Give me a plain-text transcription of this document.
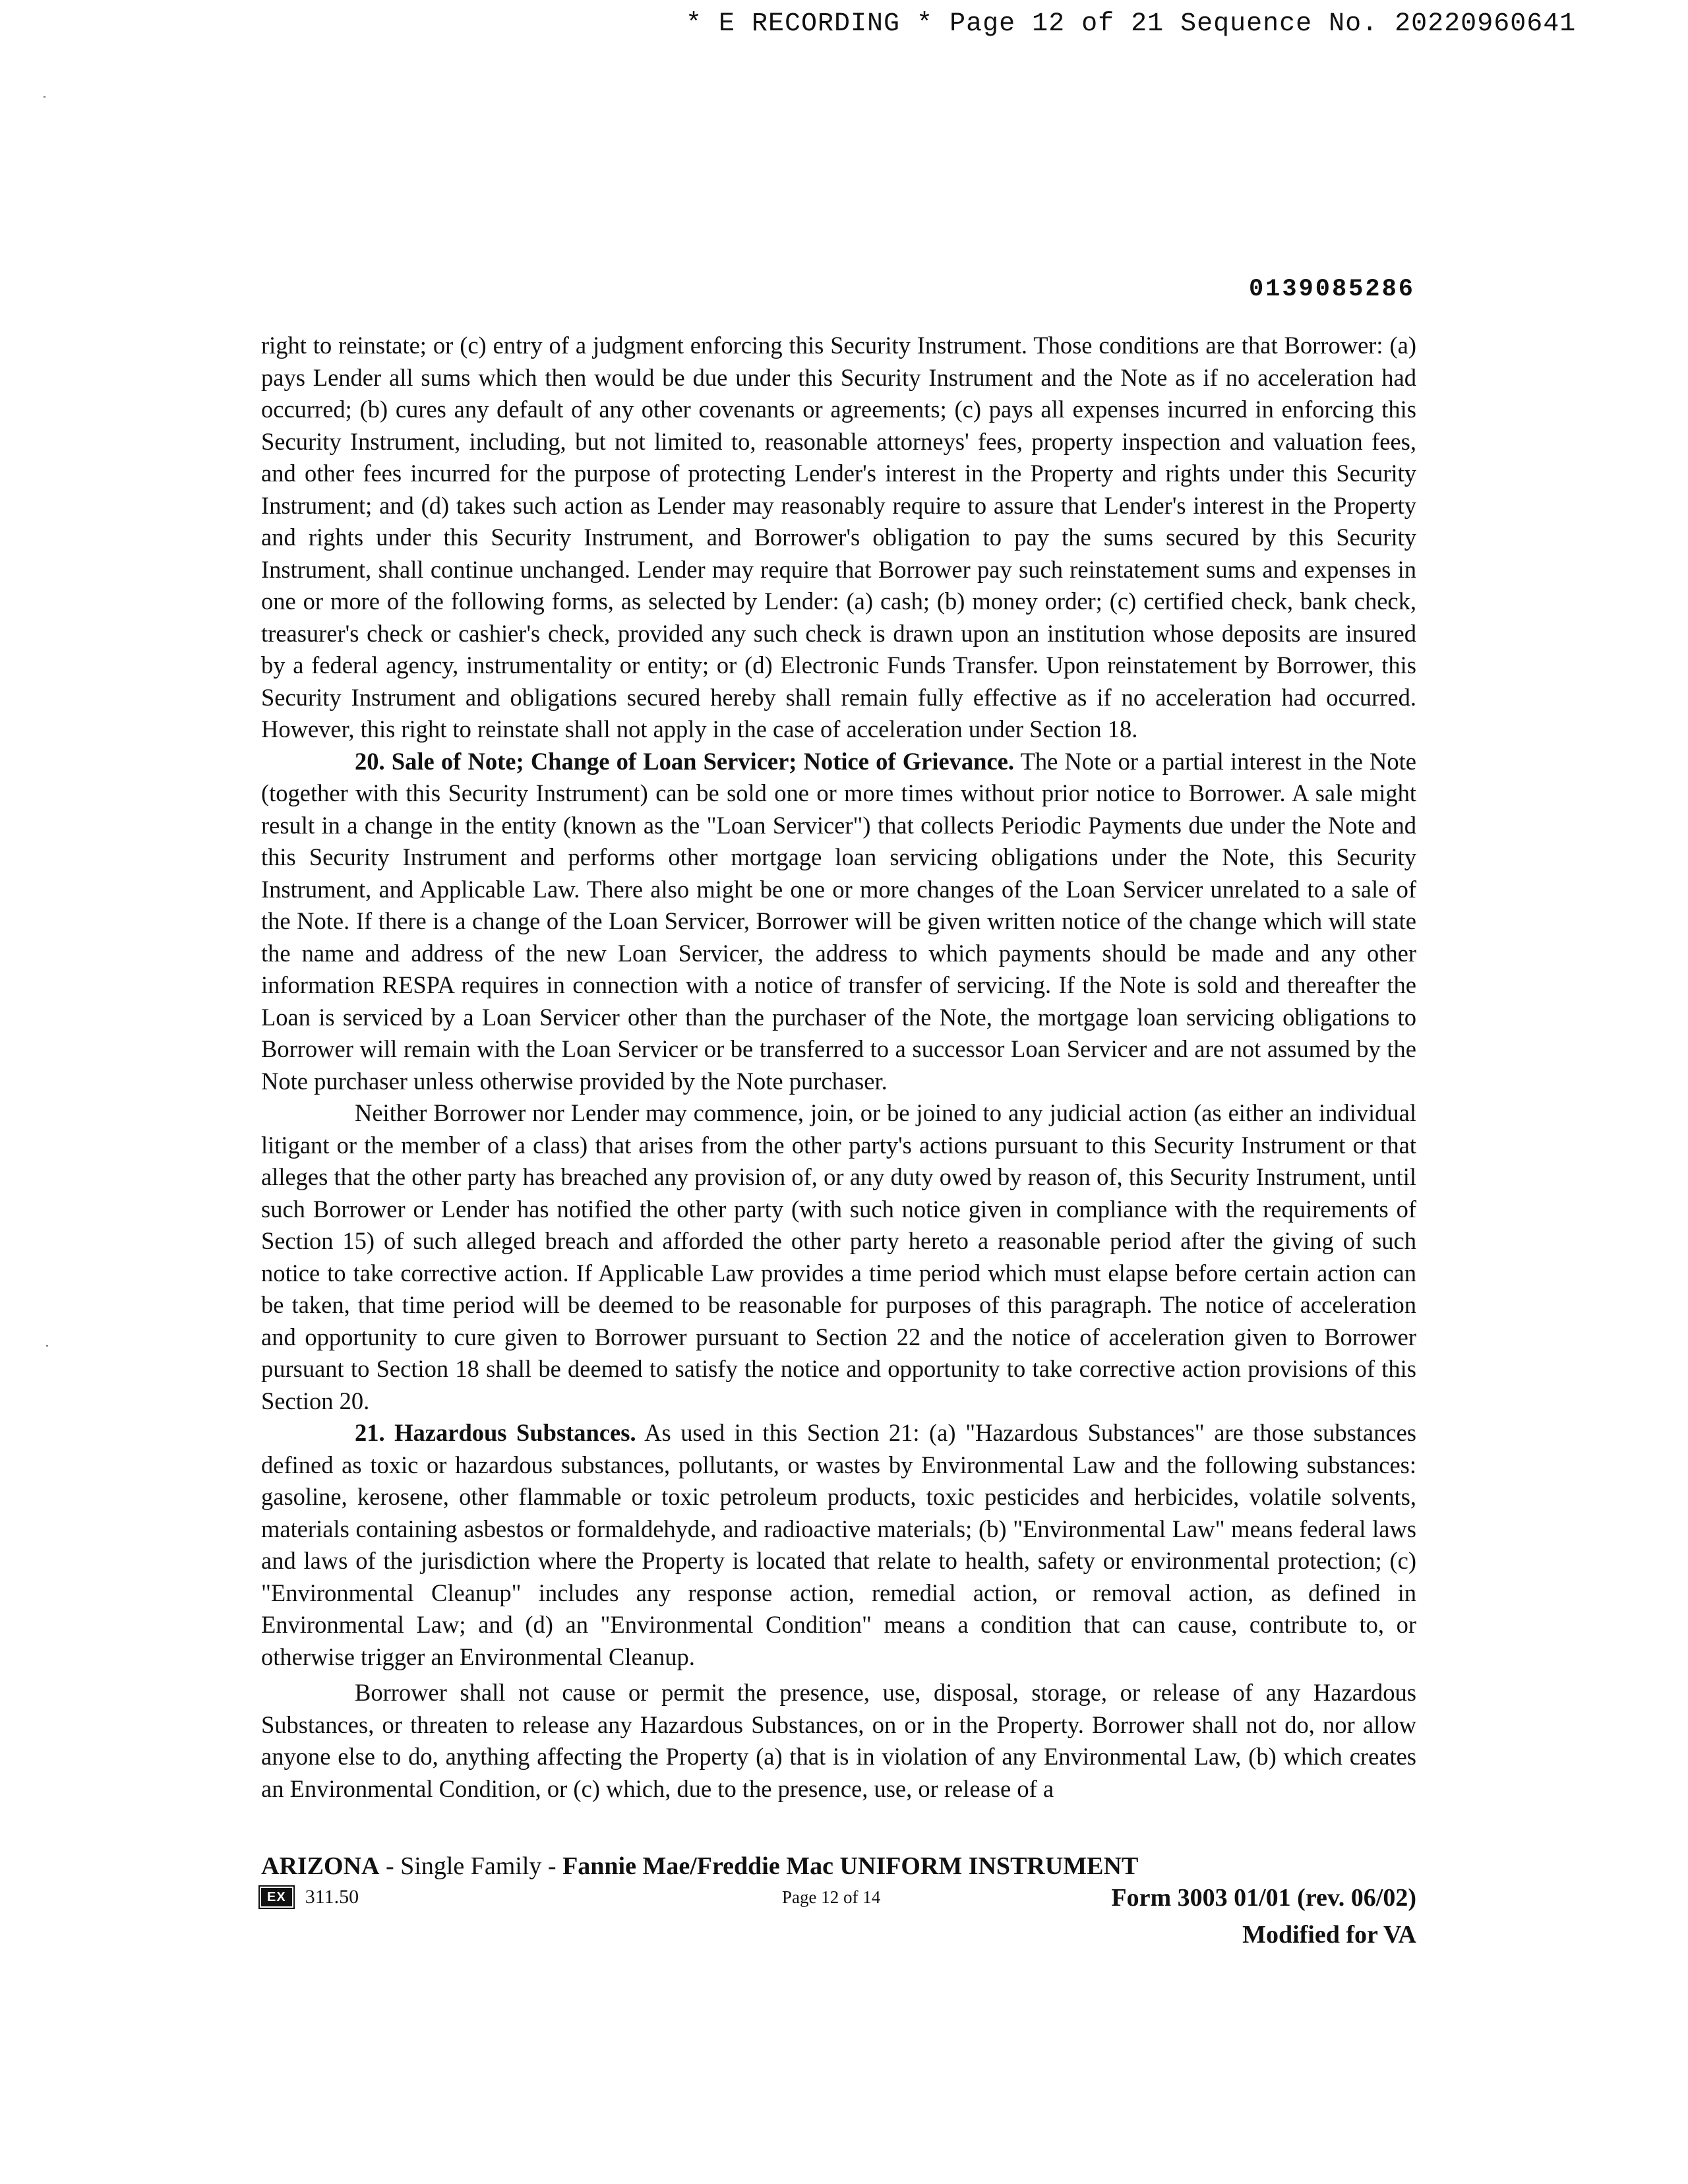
* E RECORDING * Page 12 of 21 Sequence No. 20220960641
0139085286

right to reinstate; or (c) entry of a judgment enforcing this Security Instrument. Those conditions are that Borrower: (a) pays Lender all sums which then would be due under this Security Instrument and the Note as if no acceleration had occurred; (b) cures any default of any other covenants or agreements; (c) pays all expenses incurred in enforcing this Security Instrument, including, but not limited to, reasonable attorneys' fees, property inspection and valuation fees, and other fees incurred for the purpose of protecting Lender's interest in the Property and rights under this Security Instrument; and (d) takes such action as Lender may reasonably require to assure that Lender's interest in the Property and rights under this Security Instrument, and Borrower's obligation to pay the sums secured by this Security Instrument, shall continue unchanged. Lender may require that Borrower pay such reinstatement sums and expenses in one or more of the following forms, as selected by Lender: (a) cash; (b) money order; (c) certified check, bank check, treasurer's check or cashier's check, provided any such check is drawn upon an institution whose deposits are insured by a federal agency, instrumentality or entity; or (d) Electronic Funds Transfer. Upon reinstatement by Borrower, this Security Instrument and obligations secured hereby shall remain fully effective as if no acceleration had occurred. However, this right to reinstate shall not apply in the case of acceleration under Section 18.

20. Sale of Note; Change of Loan Servicer; Notice of Grievance. The Note or a partial interest in the Note (together with this Security Instrument) can be sold one or more times without prior notice to Borrower. A sale might result in a change in the entity (known as the "Loan Servicer") that collects Periodic Payments due under the Note and this Security Instrument and performs other mortgage loan servicing obligations under the Note, this Security Instrument, and Applicable Law. There also might be one or more changes of the Loan Servicer unrelated to a sale of the Note. If there is a change of the Loan Servicer, Borrower will be given written notice of the change which will state the name and address of the new Loan Servicer, the address to which payments should be made and any other information RESPA requires in connection with a notice of transfer of servicing. If the Note is sold and thereafter the Loan is serviced by a Loan Servicer other than the purchaser of the Note, the mortgage loan servicing obligations to Borrower will remain with the Loan Servicer or be transferred to a successor Loan Servicer and are not assumed by the Note purchaser unless otherwise provided by the Note purchaser.

Neither Borrower nor Lender may commence, join, or be joined to any judicial action (as either an individual litigant or the member of a class) that arises from the other party's actions pursuant to this Security Instrument or that alleges that the other party has breached any provision of, or any duty owed by reason of, this Security Instrument, until such Borrower or Lender has notified the other party (with such notice given in compliance with the requirements of Section 15) of such alleged breach and afforded the other party hereto a reasonable period after the giving of such notice to take corrective action. If Applicable Law provides a time period which must elapse before certain action can be taken, that time period will be deemed to be reasonable for purposes of this paragraph. The notice of acceleration and opportunity to cure given to Borrower pursuant to Section 22 and the notice of acceleration given to Borrower pursuant to Section 18 shall be deemed to satisfy the notice and opportunity to take corrective action provisions of this Section 20.

21. Hazardous Substances. As used in this Section 21: (a) "Hazardous Substances" are those substances defined as toxic or hazardous substances, pollutants, or wastes by Environmental Law and the following substances: gasoline, kerosene, other flammable or toxic petroleum products, toxic pesticides and herbicides, volatile solvents, materials containing asbestos or formaldehyde, and radioactive materials; (b) "Environmental Law" means federal laws and laws of the jurisdiction where the Property is located that relate to health, safety or environmental protection; (c) "Environmental Cleanup" includes any response action, remedial action, or removal action, as defined in Environmental Law; and (d) an "Environmental Condition" means a condition that can cause, contribute to, or otherwise trigger an Environmental Cleanup.

Borrower shall not cause or permit the presence, use, disposal, storage, or release of any Hazardous Substances, or threaten to release any Hazardous Substances, on or in the Property. Borrower shall not do, nor allow anyone else to do, anything affecting the Property (a) that is in violation of any Environmental Law, (b) which creates an Environmental Condition, or (c) which, due to the presence, use, or release of a

ARIZONA - Single Family - Fannie Mae/Freddie Mac UNIFORM INSTRUMENT
EX 311.50	Page 12 of 14	Form 3003 01/01 (rev. 06/02)
Modified for VA
